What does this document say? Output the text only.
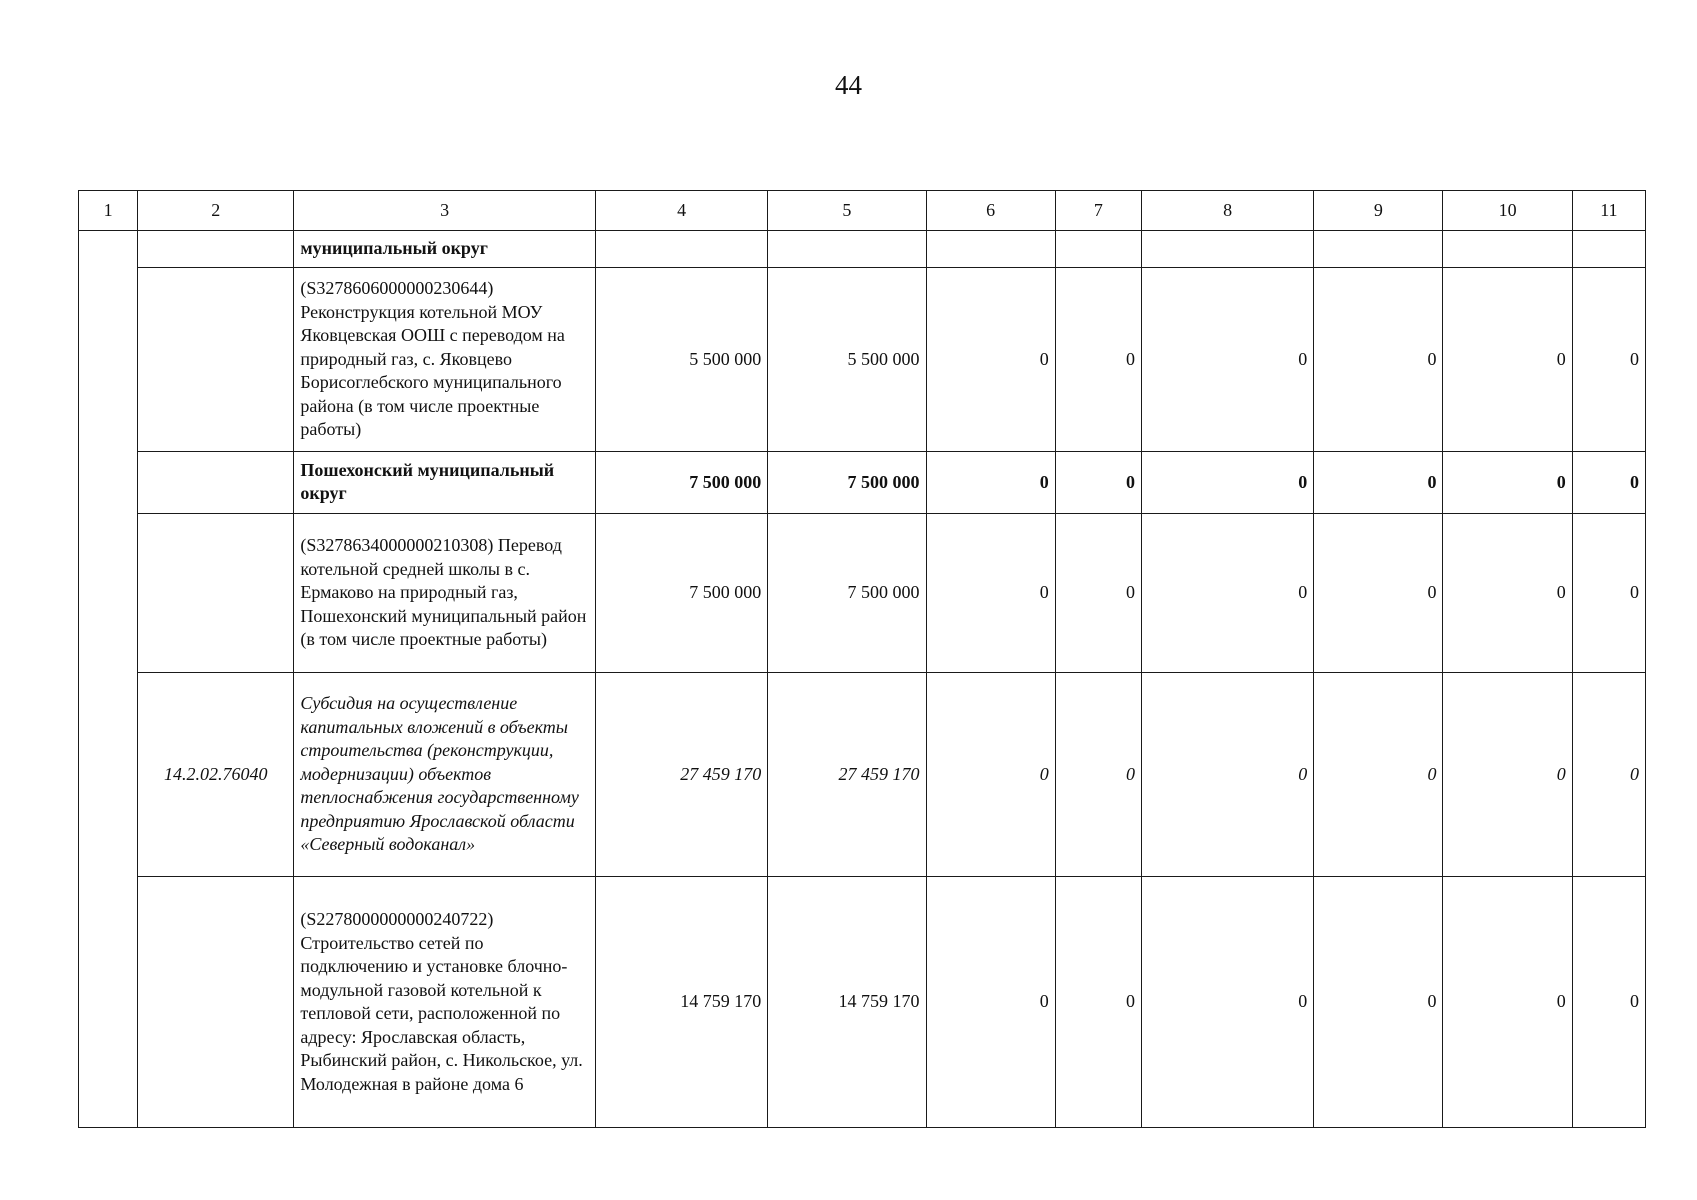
44
1	2	3	4	5	6	7	8	9	10	11
		муниципальный округ								
		(S3278606000000230644) Реконструкция котельной МОУ Яковцевская ООШ с переводом на природный газ, с. Яковцево Борисоглебского муниципального района (в том числе проектные работы)	5 500 000	5 500 000	0	0	0	0	0	0
		Пошехонский муниципальный округ	7 500 000	7 500 000	0	0	0	0	0	0
		(S3278634000000210308) Перевод котельной средней школы в с. Ермаково на природный газ, Пошехонский муниципальный район (в том числе проектные работы)	7 500 000	7 500 000	0	0	0	0	0	0
	14.2.02.76040	Субсидия на осуществление капитальных вложений в объекты строительства (реконструкции, модернизации) объектов теплоснабжения государственному предприятию Ярославской области «Северный водоканал»	27 459 170	27 459 170	0	0	0	0	0	0
		(S2278000000000240722) Строительство сетей по подключению и установке блочно-модульной газовой котельной к тепловой сети, расположенной по адресу: Ярославская область, Рыбинский район, с. Никольское, ул. Молодежная в районе дома 6	14 759 170	14 759 170	0	0	0	0	0	0
